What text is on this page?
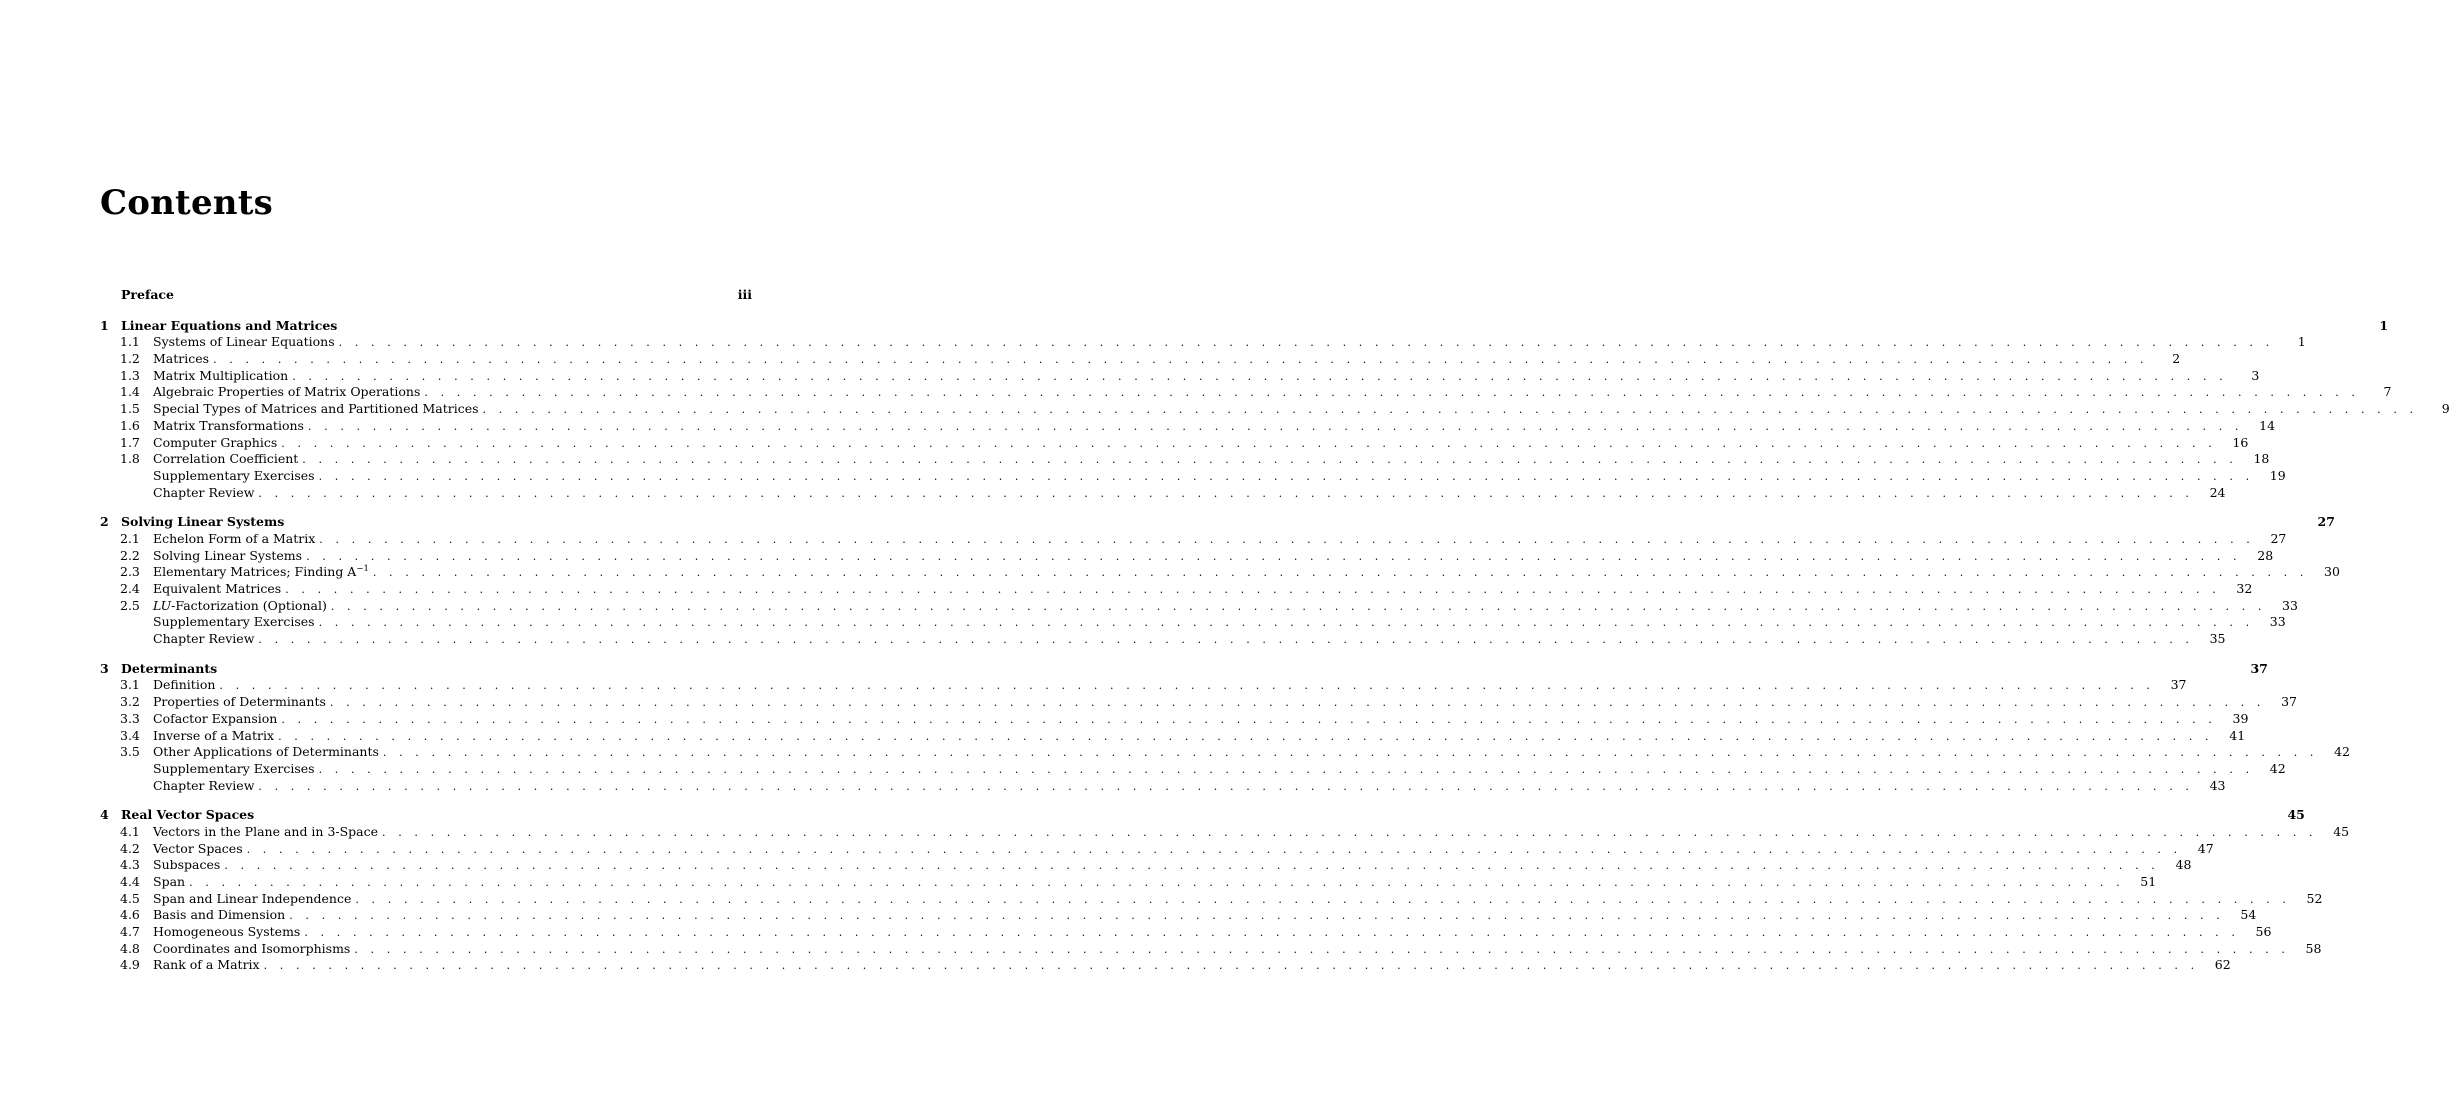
Contents
Preface	iii
1 Linear Equations and Matrices	1
1.1 Systems of Linear Equations . . . . . . . . . . . . . . . . . . . . . . . . . . . . . . . . . . . . . . . . . . . . . . . . . . . . . . . . . . . . . . . . . . . . . . . . . . . . . . . . . . . . . . . . . . . . . . . . . . . . . . . . . . . . . . . . . . . . . . . .	1
1.2 Matrices . . . . . . . . . . . . . . . . . . . . . . . . . . . . . . . . . . . . . . . . . . . . . . . . . . . . . . . . . . . . . . . . . . . . . . . . . . . . . . . . . . . . . . . . . . . . . . . . . . . . . . . . . . . . . . . . . . . . . . . .	2
1.3 Matrix Multiplication . . . . . . . . . . . . . . . . . . . . . . . . . . . . . . . . . . . . . . . . . . . . . . . . . . . . . . . . . . . . . . . . . . . . . . . . . . . . . . . . . . . . . . . . . . . . . . . . . . . . . . . . . . . . . . . . . . . . . . . .	3
1.4 Algebraic Properties of Matrix Operations . . . . . . . . . . . . . . . . . . . . . . . . . . . . . . . . . . . . . . . . . . . . . . . . . . . . . . . . . . . . . . . . . . . . . . . . . . . . . . . . . . . . . . . . . . . . . . . . . . . . . . . . . . . . . . . . . . . . . . . .	7
1.5 Special Types of Matrices and Partitioned Matrices . . . . . . . . . . . . . . . . . . . . . . . . . . . . . . . . . . . . . . . . . . . . . . . . . . . . . . . . . . . . . . . . . . . . . . . . . . . . . . . . . . . . . . . . . . . . . . . . . . . . . . . . . . . . . . . . . . . . . . . .	9
1.6 Matrix Transformations . . . . . . . . . . . . . . . . . . . . . . . . . . . . . . . . . . . . . . . . . . . . . . . . . . . . . . . . . . . . . . . . . . . . . . . . . . . . . . . . . . . . . . . . . . . . . . . . . . . . . . . . . . . . . . . . . . . . . . . .	14
1.7 Computer Graphics . . . . . . . . . . . . . . . . . . . . . . . . . . . . . . . . . . . . . . . . . . . . . . . . . . . . . . . . . . . . . . . . . . . . . . . . . . . . . . . . . . . . . . . . . . . . . . . . . . . . . . . . . . . . . . . . . . . . . . . .	16
1.8 Correlation Coefficient . . . . . . . . . . . . . . . . . . . . . . . . . . . . . . . . . . . . . . . . . . . . . . . . . . . . . . . . . . . . . . . . . . . . . . . . . . . . . . . . . . . . . . . . . . . . . . . . . . . . . . . . . . . . . . . . . . . . . . . .	18
Supplementary Exercises . . . . . . . . . . . . . . . . . . . . . . . . . . . . . . . . . . . . . . . . . . . . . . . . . . . . . . . . . . . . . . . . . . . . . . . . . . . . . . . . . . . . . . . . . . . . . . . . . . . . . . . . . . . . . . . . . . . . . . . .	19
Chapter Review . . . . . . . . . . . . . . . . . . . . . . . . . . . . . . . . . . . . . . . . . . . . . . . . . . . . . . . . . . . . . . . . . . . . . . . . . . . . . . . . . . . . . . . . . . . . . . . . . . . . . . . . . . . . . . . . . . . . . . . .	24
2 Solving Linear Systems	27
2.1 Echelon Form of a Matrix . . . . . . . . . . . . . . . . . . . . . . . . . . . . . . . . . . . . . . . . . . . . . . . . . . . . . . . . . . . . . . . . . . . . . . . . . . . . . . . . . . . . . . . . . . . . . . . . . . . . . . . . . . . . . . . . . . . . . . . .	27
2.2 Solving Linear Systems . . . . . . . . . . . . . . . . . . . . . . . . . . . . . . . . . . . . . . . . . . . . . . . . . . . . . . . . . . . . . . . . . . . . . . . . . . . . . . . . . . . . . . . . . . . . . . . . . . . . . . . . . . . . . . . . . . . . . . . .	28
2.3 Elementary Matrices; Finding $A^{-1}$ . . . . . . . . . . . . . . . . . . . . . . . . . . . . . . . . . . . . . . . . . . . . . . . . . . . . . . . . . . . . . . . . . . . . . . . . . . . . . . . . . . . . . . . . . . . . . . . . . . . . . . . . . . . . . . . . . . . . . . . .	30
2.4 Equivalent Matrices . . . . . . . . . . . . . . . . . . . . . . . . . . . . . . . . . . . . . . . . . . . . . . . . . . . . . . . . . . . . . . . . . . . . . . . . . . . . . . . . . . . . . . . . . . . . . . . . . . . . . . . . . . . . . . . . . . . . . . . .	32
2.5 LU-Factorization (Optional) . . . . . . . . . . . . . . . . . . . . . . . . . . . . . . . . . . . . . . . . . . . . . . . . . . . . . . . . . . . . . . . . . . . . . . . . . . . . . . . . . . . . . . . . . . . . . . . . . . . . . . . . . . . . . . . . . . . . . . . .	33
Supplementary Exercises . . . . . . . . . . . . . . . . . . . . . . . . . . . . . . . . . . . . . . . . . . . . . . . . . . . . . . . . . . . . . . . . . . . . . . . . . . . . . . . . . . . . . . . . . . . . . . . . . . . . . . . . . . . . . . . . . . . . . . . .	33
Chapter Review . . . . . . . . . . . . . . . . . . . . . . . . . . . . . . . . . . . . . . . . . . . . . . . . . . . . . . . . . . . . . . . . . . . . . . . . . . . . . . . . . . . . . . . . . . . . . . . . . . . . . . . . . . . . . . . . . . . . . . . .	35
3 Determinants	37
3.1 Definition . . . . . . . . . . . . . . . . . . . . . . . . . . . . . . . . . . . . . . . . . . . . . . . . . . . . . . . . . . . . . . . . . . . . . . . . . . . . . . . . . . . . . . . . . . . . . . . . . . . . . . . . . . . . . . . . . . . . . . . .	37
3.2 Properties of Determinants . . . . . . . . . . . . . . . . . . . . . . . . . . . . . . . . . . . . . . . . . . . . . . . . . . . . . . . . . . . . . . . . . . . . . . . . . . . . . . . . . . . . . . . . . . . . . . . . . . . . . . . . . . . . . . . . . . . . . . . .	37
3.3 Cofactor Expansion . . . . . . . . . . . . . . . . . . . . . . . . . . . . . . . . . . . . . . . . . . . . . . . . . . . . . . . . . . . . . . . . . . . . . . . . . . . . . . . . . . . . . . . . . . . . . . . . . . . . . . . . . . . . . . . . . . . . . . . .	39
3.4 Inverse of a Matrix . . . . . . . . . . . . . . . . . . . . . . . . . . . . . . . . . . . . . . . . . . . . . . . . . . . . . . . . . . . . . . . . . . . . . . . . . . . . . . . . . . . . . . . . . . . . . . . . . . . . . . . . . . . . . . . . . . . . . . . .	41
3.5 Other Applications of Determinants . . . . . . . . . . . . . . . . . . . . . . . . . . . . . . . . . . . . . . . . . . . . . . . . . . . . . . . . . . . . . . . . . . . . . . . . . . . . . . . . . . . . . . . . . . . . . . . . . . . . . . . . . . . . . . . . . . . . . . . .	42
Supplementary Exercises . . . . . . . . . . . . . . . . . . . . . . . . . . . . . . . . . . . . . . . . . . . . . . . . . . . . . . . . . . . . . . . . . . . . . . . . . . . . . . . . . . . . . . . . . . . . . . . . . . . . . . . . . . . . . . . . . . . . . . . .	42
Chapter Review . . . . . . . . . . . . . . . . . . . . . . . . . . . . . . . . . . . . . . . . . . . . . . . . . . . . . . . . . . . . . . . . . . . . . . . . . . . . . . . . . . . . . . . . . . . . . . . . . . . . . . . . . . . . . . . . . . . . . . . .	43
4 Real Vector Spaces	45
4.1 Vectors in the Plane and in 3-Space . . . . . . . . . . . . . . . . . . . . . . . . . . . . . . . . . . . . . . . . . . . . . . . . . . . . . . . . . . . . . . . . . . . . . . . . . . . . . . . . . . . . . . . . . . . . . . . . . . . . . . . . . . . . . . . . . . . . . . . .	45
4.2 Vector Spaces . . . . . . . . . . . . . . . . . . . . . . . . . . . . . . . . . . . . . . . . . . . . . . . . . . . . . . . . . . . . . . . . . . . . . . . . . . . . . . . . . . . . . . . . . . . . . . . . . . . . . . . . . . . . . . . . . . . . . . . .	47
4.3 Subspaces . . . . . . . . . . . . . . . . . . . . . . . . . . . . . . . . . . . . . . . . . . . . . . . . . . . . . . . . . . . . . . . . . . . . . . . . . . . . . . . . . . . . . . . . . . . . . . . . . . . . . . . . . . . . . . . . . . . . . . . .	48
4.4 Span . . . . . . . . . . . . . . . . . . . . . . . . . . . . . . . . . . . . . . . . . . . . . . . . . . . . . . . . . . . . . . . . . . . . . . . . . . . . . . . . . . . . . . . . . . . . . . . . . . . . . . . . . . . . . . . . . . . . . . . .	51
4.5 Span and Linear Independence . . . . . . . . . . . . . . . . . . . . . . . . . . . . . . . . . . . . . . . . . . . . . . . . . . . . . . . . . . . . . . . . . . . . . . . . . . . . . . . . . . . . . . . . . . . . . . . . . . . . . . . . . . . . . . . . . . . . . . . .	52
4.6 Basis and Dimension . . . . . . . . . . . . . . . . . . . . . . . . . . . . . . . . . . . . . . . . . . . . . . . . . . . . . . . . . . . . . . . . . . . . . . . . . . . . . . . . . . . . . . . . . . . . . . . . . . . . . . . . . . . . . . . . . . . . . . . .	54
4.7 Homogeneous Systems . . . . . . . . . . . . . . . . . . . . . . . . . . . . . . . . . . . . . . . . . . . . . . . . . . . . . . . . . . . . . . . . . . . . . . . . . . . . . . . . . . . . . . . . . . . . . . . . . . . . . . . . . . . . . . . . . . . . . . . .	56
4.8 Coordinates and Isomorphisms . . . . . . . . . . . . . . . . . . . . . . . . . . . . . . . . . . . . . . . . . . . . . . . . . . . . . . . . . . . . . . . . . . . . . . . . . . . . . . . . . . . . . . . . . . . . . . . . . . . . . . . . . . . . . . . . . . . . . . . .	58
4.9 Rank of a Matrix . . . . . . . . . . . . . . . . . . . . . . . . . . . . . . . . . . . . . . . . . . . . . . . . . . . . . . . . . . . . . . . . . . . . . . . . . . . . . . . . . . . . . . . . . . . . . . . . . . . . . . . . . . . . . . . . . . . . . . . .	62
